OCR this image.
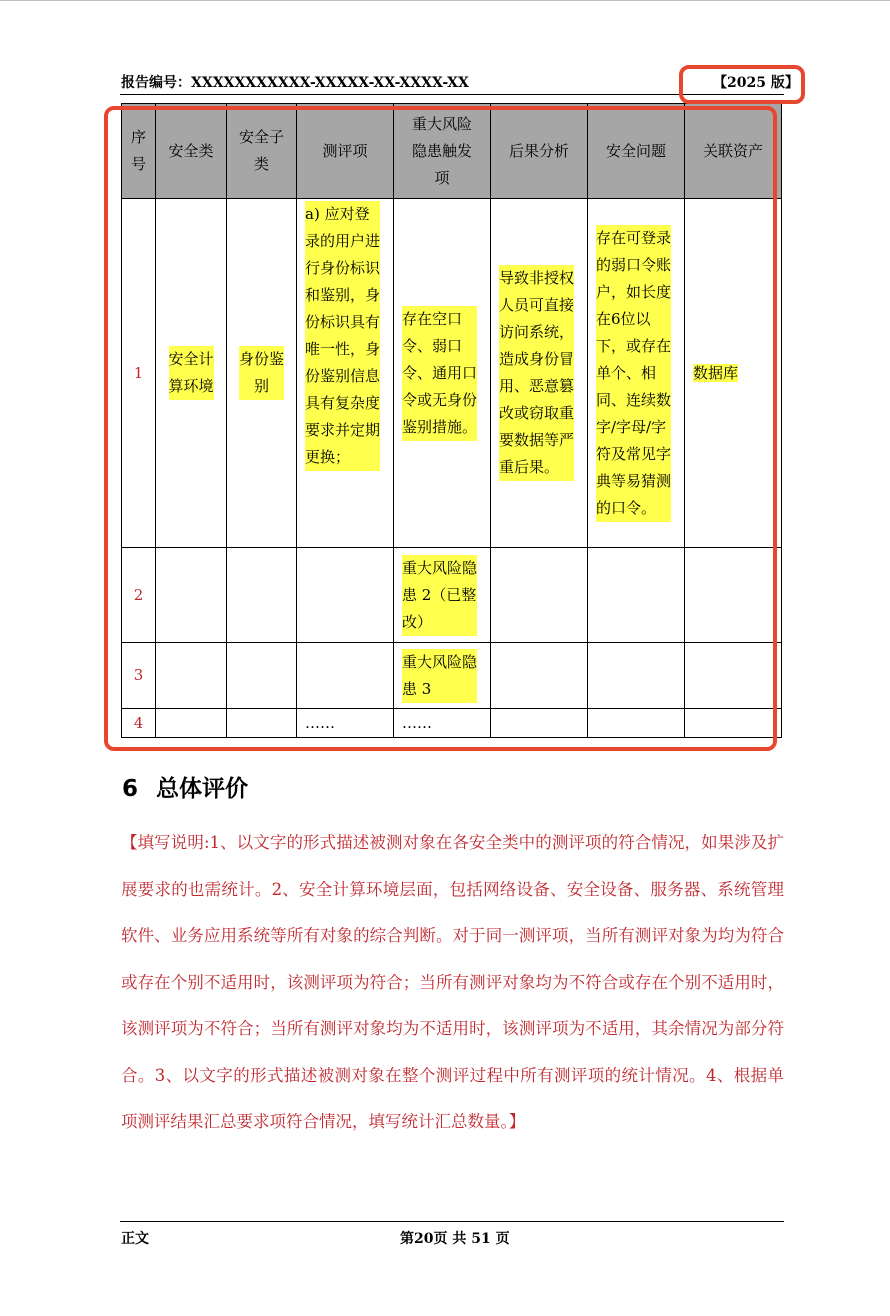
报告编号：XXXXXXXXXXX-XXXXX-XX-XXXX-XX	【2025 版】
序号	安全类	安全子类	测评项	重大风险隐患触发项	后果分析	安全问题	关联资产
1	安全计算环境	身份鉴别	a) 应对登录的用户进行身份标识和鉴别，身份标识具有唯一性，身份鉴别信息具有复杂度要求并定期更换；	存在空口令、弱口令、通用口令或无身份鉴别措施。	导致非授权人员可直接访问系统，造成身份冒用、恶意篡改或窃取重要数据等严重后果。	存在可登录的弱口令账户，如长度在6位以下，或存在单个、相同、连续数字/字母/字符及常见字典等易猜测的口令。	数据库

2				重大风险隐患 2（已整改）			

3				重大风险隐患 3			

4			……	……			

6 总体评价
【填写说明:1、以文字的形式描述被测对象在各安全类中的测评项的符合情况，如果涉及扩展要求的也需统计。2、安全计算环境层面，包括网络设备、安全设备、服务器、系统管理软件、业务应用系统等所有对象的综合判断。对于同一测评项，当所有测评对象为均为符合或存在个别不适用时，该测评项为符合；当所有测评对象均为不符合或存在个别不适用时，该测评项为不符合；当所有测评对象均为不适用时，该测评项为不适用，其余情况为部分符合。3、以文字的形式描述被测对象在整个测评过程中所有测评项的统计情况。4、根据单项测评结果汇总要求项符合情况，填写统计汇总数量。】
正文	第20页 共 51 页
